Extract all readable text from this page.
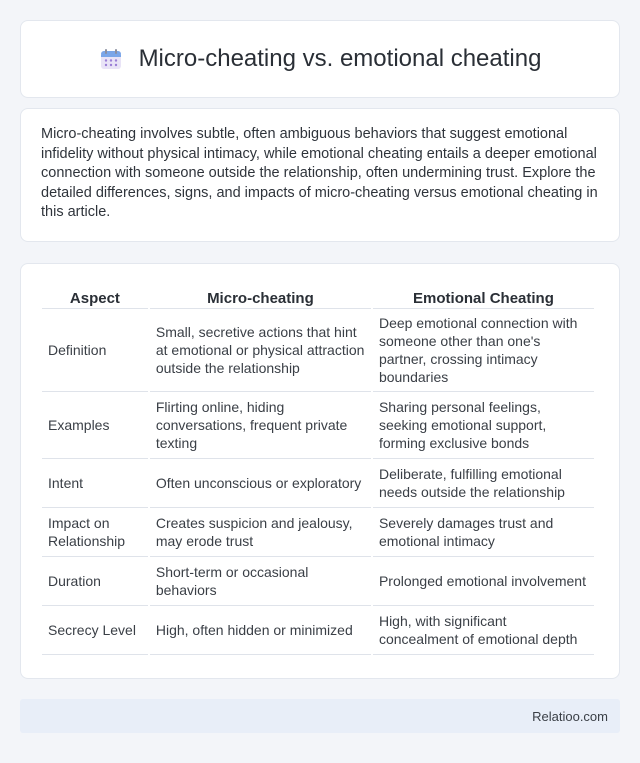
Micro-cheating vs. emotional cheating

Micro-cheating involves subtle, often ambiguous behaviors that suggest emotional infidelity without physical intimacy, while emotional cheating entails a deeper emotional connection with someone outside the relationship, often undermining trust. Explore the detailed differences, signs, and impacts of micro-cheating versus emotional cheating in this article.

Aspect	Micro-cheating	Emotional Cheating
Definition	Small, secretive actions that hint at emotional or physical attraction outside the relationship	Deep emotional connection with someone other than one's partner, crossing intimacy boundaries
Examples	Flirting online, hiding conversations, frequent private texting	Sharing personal feelings, seeking emotional support, forming exclusive bonds
Intent	Often unconscious or exploratory	Deliberate, fulfilling emotional needs outside the relationship
Impact on Relationship	Creates suspicion and jealousy, may erode trust	Severely damages trust and emotional intimacy
Duration	Short-term or occasional behaviors	Prolonged emotional involvement
Secrecy Level	High, often hidden or minimized	High, with significant concealment of emotional depth
Relatioo.com
